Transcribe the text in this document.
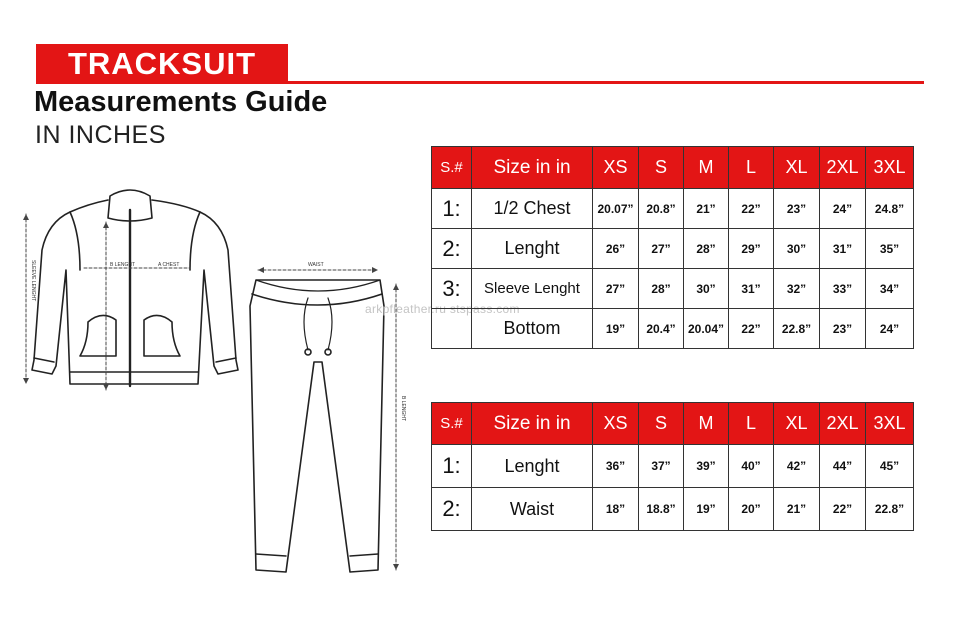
TRACKSUIT
Measurements Guide
IN INCHES
SLEEVE LENGHT	B LENGHT	A CHEST	WAIST
B LENGHT
arkpfleather.ru stspass.com
S.#	Size in in	XS	S	M	L	XL	2XL	3XL
1:	1/2 Chest	20.07”	20.8”	21”	22”	23”	24”	24.8”
2:	Lenght	26”	27”	28”	29”	30”	31”	35”
3:	Sleeve Lenght	27”	28”	30”	31”	32”	33”	34”
	Bottom	19”	20.4”	20.04”	22”	22.8”	23”	24”
S.#	Size in in	XS	S	M	L	XL	2XL	3XL
1:	Lenght	36”	37”	39”	40”	42”	44”	45”
2:	Waist	18”	18.8”	19”	20”	21”	22”	22.8”
